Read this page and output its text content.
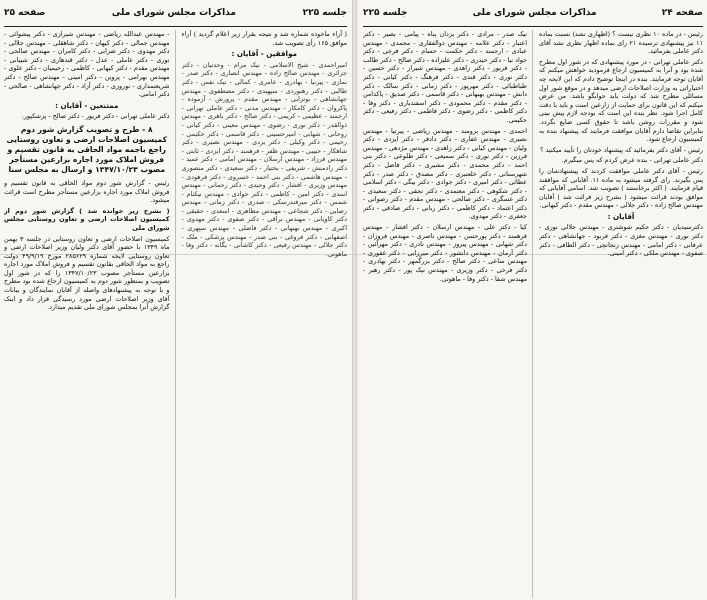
جلسه ۲۲۵
مذاکرات مجلس شورای ملی
صفحه ۲۵

( آراء ماخوذه شماره شد و نتیجه بقرار زیر اعلام گردید ) آراء موافق ۱۶۵ رأی تصویب شد.

موافقین - آقایان :

امیراحمدی - شیخ الاسلامی - نیک مرام - وحدتیان - دکتر جزائری - مهندس صالح زاده - مهندس انصاری - دکتر صدر - نمازی - پیرنیا - بهادری - عامری - کمالی - نیک نفس - دکتر طالبی - دکتر رهنوردی - سپهبدی - دکتر مصطفوی - مهندس جهانشاهی - بوترابی - مهندس مقدم - پرورش - آزموده - پاکروان - دکتر کامکار - مهندس مدنی - دکتر عاملی تهرانی - ارجمند - عظیمی - کریمی - دکتر صالح - دکتر باهری - مهندس ذوالقدر - دکتر نوری - رضوی - مهندس معینی - دکتر کیانی - روحانی - شهابی - امیرحسینی - دکتر قاسمی - دکتر حکیمی - رحیمی - دکتر وکیلی - دکتر یزدی - مهندس نصیری - دکتر شاهکار - حبیبی - مهندس ظفر - فرهمند - دکتر ایزدی - ثابتی - مهندس فرزاد - مهندس ارسلان - مهندس امامی - دکتر عمید - دکتر رادمنش - شریفی - بختیار - دکتر سعیدی - دکتر منصوری - مهندس هاشمی - دکتر بنی احمد - خسروی - دکتر فرهودی - مهندس وزیری - افشار - دکتر وحیدی - دکتر رحمانی - مهندس اسدی - دکتر امین - کاظمی - دکتر جوادی - مهندس نیکنام - شمس - دکتر میرفندرسکی - صدری - دکتر زمانی - مهندس رضایی - دکتر شجاعی - مهندس مظاهری - اسعدی - حقیقی - دکتر کاویانی - مهندس نراقی - دکتر صفوی - دکتر مهدوی - اکبری - مهندس بهبهانی - دکتر فاضلی - مهندس سپهری - اصفهانی - دکتر فروغی - بنی صدر - مهندس پزشکی - ملک - دکتر جلالی - مهندس رفیعی - دکتر کاشانی - یگانه - دکتر وفا - ماهوتی.

- مهندس عبدالله ریاضی - مهندس شیرازی - دکتر پیشوائی - مهندس جمالی - دکتر کیهان - دکتر شاهقلی - مهندس جلالی - دکتر مهدوی - دکتر ضرابی - دکتر کامران - مهندس صالحی - نوری - دکتر عاملی - عدل - دکتر قندهاری - دکتر شیبانی - مهندس مقدم - دکتر کیهانی - کاظمی - رحیمیان - دکتر علوی - مهندس بهرامی - پروین - دکتر امینی - مهندس صالح - دکتر شریعتمداری - نوروزی - دکتر آزاد - دکتر جهانشاهی - صالحی - دکتر امامی.

ممتنعین - آقایان :

دکتر عاملی تهرانی - دکتر فریور - دکتر صالح - پزشکپور.

۸ - طرح و تصویب گزارش شور دوم کمیسیون اصلاحات ارضی و تعاون روستایی راجع باجمه مواد الحاقی به قانون تقسیم و فروش املاک مورد اجاره بزارعین مستأجر مصوب ۱۳۴۷/۱۰/۲۳ و ارسال به مجلس سنا

رئیس - گزارش شور دوم مواد الحاقی به قانون تقسیم و فروش املاک مورد اجاره بزارعین مستأجر مطرح است قرائت میشود.

( بشرح زیر خوانده شد ) گزارش شور دوم از کمیسیون اصلاحات ارضی و تعاون روستایی مجلس شورای ملی

کمیسیون اصلاحات ارضی و تعاون روستایی در جلسه ۳ بهمن ماه ۱۳۴۹ با حضور آقای دکتر ولیان وزیر اصلاحات ارضی و تعاون روستایی لایحه شماره ۲۸۵۶۲۹ مورخ ۴۹/۹/۱۹ دولت راجع به مواد الحاقی بقانون تقسیم و فروش املاک مورد اجاره بزارعین مستأجر مصوب ۱۳۴۷/۱۰/۲۳ را که در شور اول تصویب و بمنظور شور دوم به کمیسیون ارجاع شده بود مطرح و با توجه به پیشنهادهای واصله از آقایان نمایندگان و بیانات آقای وزیر اصلاحات ارضی مورد رسیدگی قرار داد و اینک گزارش آنرا بمجلس شورای ملی تقدیم میدارد.

صفحه ۲۴
مذاکرات مجلس شورای ملی
جلسه ۲۲۵

رئیس - در ماده ۱۰ نظری نیست ؟ (اظهاری نشد) نسبت بماده ۱۱ نیز پیشنهادی نرسیده ۲۱ رای بماده اظهار نظری نشد آقای دکتر عاملی بفرمائید.

دکتر عاملی تهرانی - در مورد پیشنهادی که در شور اول مطرح شده بود و آنرا به کمیسیون ارجاع فرمودید خواهش میکنم که آقایان توجه فرمایند. بنده در اینجا توضیح دادم که این لایحه چه اختیاراتی به وزارت اصلاحات ارضی میدهد و در موقع شور اول مسائلی مطرح شد که دولت باید جوابگو باشد. من عرض میکنم که این قانون برای حمایت از زارعین است و باید با دقت کامل اجرا شود. نظر بنده این است که بودجه لازم پیش بینی شود و مقررات روشن باشد تا حقوق کسی ضایع نگردد. بنابراین تقاضا دارم آقایان موافقت فرمایند که پیشنهاد بنده به کمیسیون ارجاع شود.

رئیس - آقای دکتر بفرمائید که پیشنهاد خودتان را تأیید میکنید ؟

دکتر عاملی تهرانی - بنده عرض کردم که پس میگیرم.

رئیس - آقای دکتر عاملی موافقت کردند که پیشنهادشان را پس بگیرند. رای گرفته میشود به ماده ۱۱. آقایانی که موافقند قیام فرمایند. ( اکثر برخاستند ) تصویب شد. اسامی آقایانی که موافق بودند قرائت میشود ( بشرح زیر قرائت شد ) آقایان مهندس صالح زاده - دکتر جلالی - مهندس مقدم - دکتر کیهانی.

آقایان :

دکترسیدیان - دکتر حکیم شوشتری - مهندس جلالی نوری - دکتر نوری - مهندس مغزی - دکتر فربود - جهانشاهی - دکتر عرفانی - دکتر امامی - مهندس زنجانچی - دکتر الطافی - دکتر صفوی - مهندس ملکی - دکتر امینی.

نیک صدر - مرادی - دکتر یزدان پناه - پیامی - بصیر - دکتر اعتبار - دکتر علامه - مهندس ذوالفقاری - محمدی - مهندس عبادی - ارجمند - دکتر حکمت - حسام - دکتر فرجی - دکتر جواد نیا - دکتر حیدری - دکتر علیزاده - دکتر صالح - دکتر طالب - دکتر فریور - دکتر زاهدی - مهندس شیراز - دکتر حسین - دکتر نوری - دکتر قندی - دکتر فرهنگ - دکتر کیانی - دکتر طباطبائی - دکتر مهرپور - دکتر زمانی - دکتر سالک - دکتر دانش - مهندس بهبهانی - دکتر قاسمی - دکتر صدیق - پاکدامن - دکتر مقدم - دکتر محمودی - دکتر اسفندیاری - دکتر وفا - دکتر کاظمی - دکتر رضوی - دکتر فاطمی - دکتر رفیعی - دکتر حکیمی.

احمدی - مهندس برومند - مهندس ریاضی - پیرنیا - مهندس نصیری - مهندس غفاری - دکتر دادفر - دکتر ایزدی - دکتر ولیان - مهندس کیانی - دکتر زاهدی - مهندس مژدهی - مهندس فرزین - دکتر نوری - دکتر سمیعی - دکتر طلوعی - دکتر بنی احمد - دکتر محمدی - دکتر مشیری - دکتر فاضل - دکتر شهرستانی - دکتر خلعتبری - دکتر مصدق - دکتر صدر - دکتر عطائی - دکتر امیری - دکتر جوادی - دکتر بیگی - دکتر اسلامی - دکتر شکوهی - دکتر معتمدی - دکتر نجفی - دکتر سعیدی - دکتر عسگری - دکتر صالحی - مهندس مقدم - دکتر رضوانی - دکتر اعتماد - دکتر کاظمی - دکتر ربانی - دکتر صادقی - دکتر جعفری - دکتر مهدوی.

کیا - دکتر علی - مهندس ارسلان - دکتر افشار - مهندس فرهمند - دکتر پورحسن - مهندس ناصری - مهندس فروزان - دکتر شهابی - مهندس پیروز - مهندس نادری - دکتر مهرآئین - دکتر آرمان - مهندس دانشور - دکتر میرزایی - دکتر غفوری - مهندس ساعی - دکتر صالح - دکتر بزرگمهر - دکتر بهادری - دکتر فرخی - دکتر وزیری - مهندس نیک پور - دکتر رهبر - مهندس شفا - دکتر وفا - ماهوتی.
